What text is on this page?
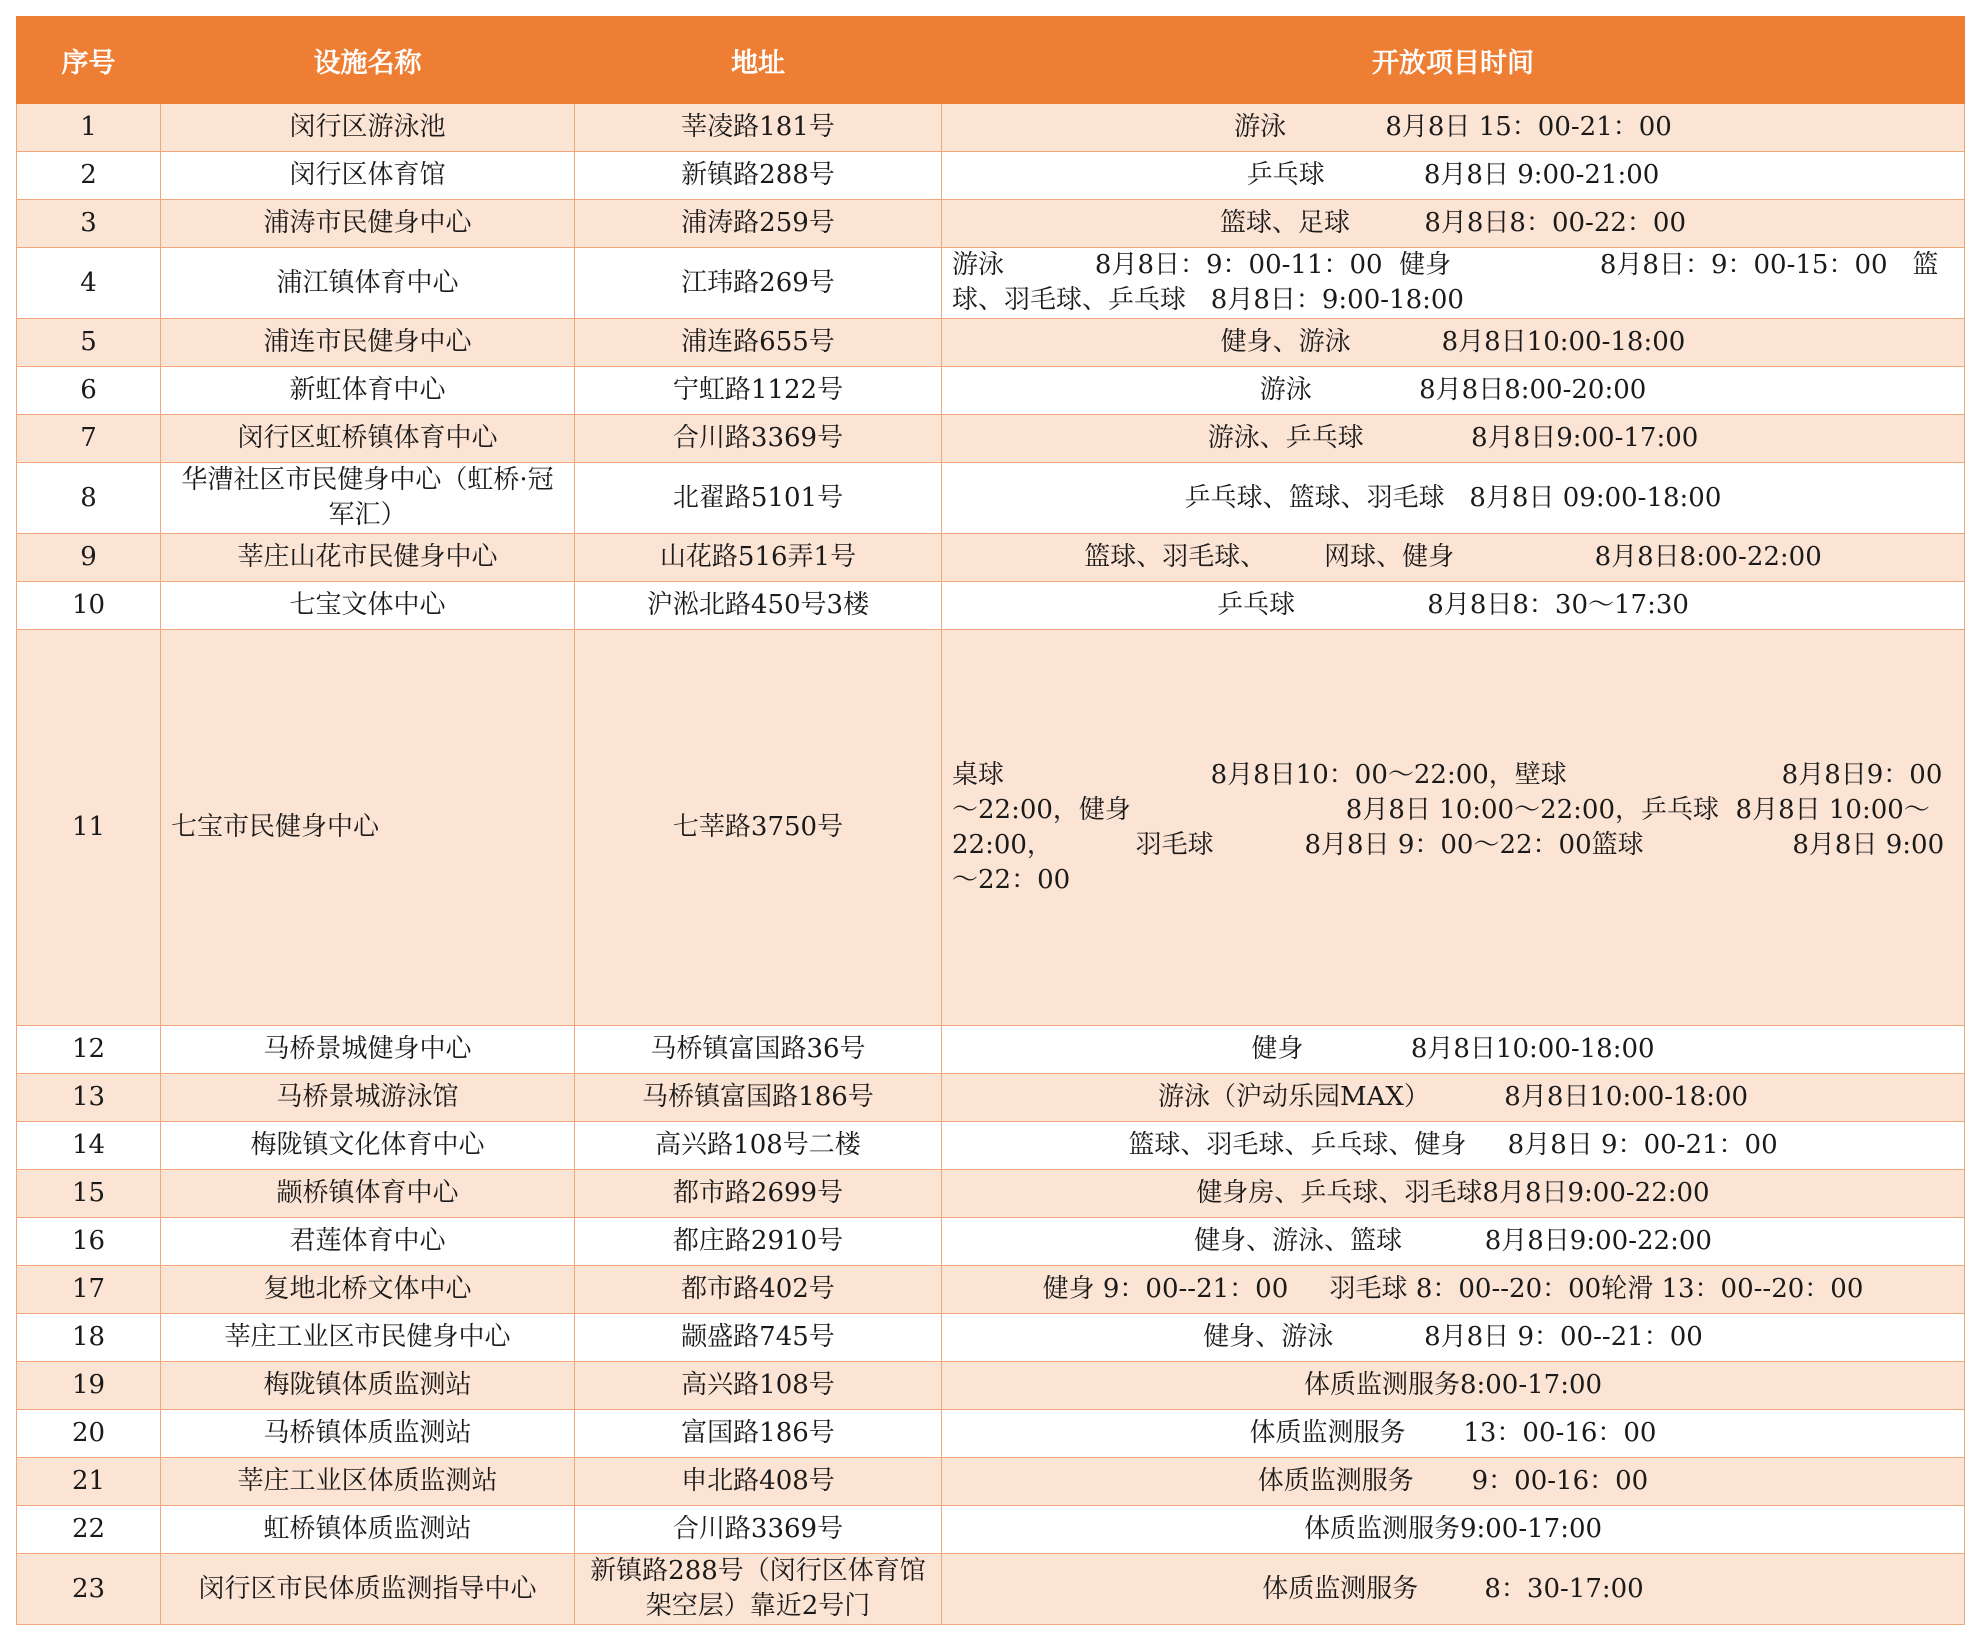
序号	设施名称	地址	开放项目时间
1	闵行区游泳池	莘凌路181号	游泳            8月8日 15：00-21：00
2	闵行区体育馆	新镇路288号	乒乓球            8月8日 9:00-21:00
3	浦涛市民健身中心	浦涛路259号	篮球、足球         8月8日8：00-22：00
4	浦江镇体育中心	江玮路269号	游泳           8月8日：9：00-11：00  健身                  8月8日：9：00-15：00   篮球、羽毛球、乒乓球   8月8日：9:00-18:00
5	浦连市民健身中心	浦连路655号	健身、游泳           8月8日10:00-18:00
6	新虹体育中心	宁虹路1122号	游泳             8月8日8:00-20:00
7	闵行区虹桥镇体育中心	合川路3369号	游泳、乒乓球             8月8日9:00-17:00
8	华漕社区市民健身中心（虹桥·冠军汇）	北翟路5101号	乒乓球、篮球、羽毛球   8月8日 09:00-18:00
9	莘庄山花市民健身中心	山花路516弄1号	篮球、羽毛球、       网球、健身                 8月8日8:00-22:00
10	七宝文体中心	沪淞北路450号3楼	乒乓球                8月8日8：30～17:30
11	七宝市民健身中心	七莘路3750号	桌球                         8月8日10：00～22:00，壁球                          8月8日9：00～22:00，健身                          8月8日 10:00～22:00，乒乓球  8月8日 10:00～22:00，          羽毛球           8月8日 9：00～22：00篮球                  8月8日 9:00～22：00
12	马桥景城健身中心	马桥镇富国路36号	健身             8月8日10:00-18:00
13	马桥景城游泳馆	马桥镇富国路186号	游泳（沪动乐园MAX）         8月8日10:00-18:00
14	梅陇镇文化体育中心	高兴路108号二楼	篮球、羽毛球、乒乓球、健身     8月8日 9：00-21：00
15	颛桥镇体育中心	都市路2699号	健身房、乒乓球、羽毛球8月8日9:00-22:00
16	君莲体育中心	都庄路2910号	健身、游泳、篮球          8月8日9:00-22:00
17	复地北桥文体中心	都市路402号	健身 9：00--21：00     羽毛球 8：00--20：00轮滑 13：00--20：00
18	莘庄工业区市民健身中心	颛盛路745号	健身、游泳           8月8日 9：00--21：00
19	梅陇镇体质监测站	高兴路108号	体质监测服务8:00-17:00
20	马桥镇体质监测站	富国路186号	体质监测服务       13：00-16：00
21	莘庄工业区体质监测站	申北路408号	体质监测服务       9：00-16：00
22	虹桥镇体质监测站	合川路3369号	体质监测服务9:00-17:00
23	闵行区市民体质监测指导中心	新镇路288号（闵行区体育馆架空层）靠近2号门	体质监测服务        8：30-17:00
